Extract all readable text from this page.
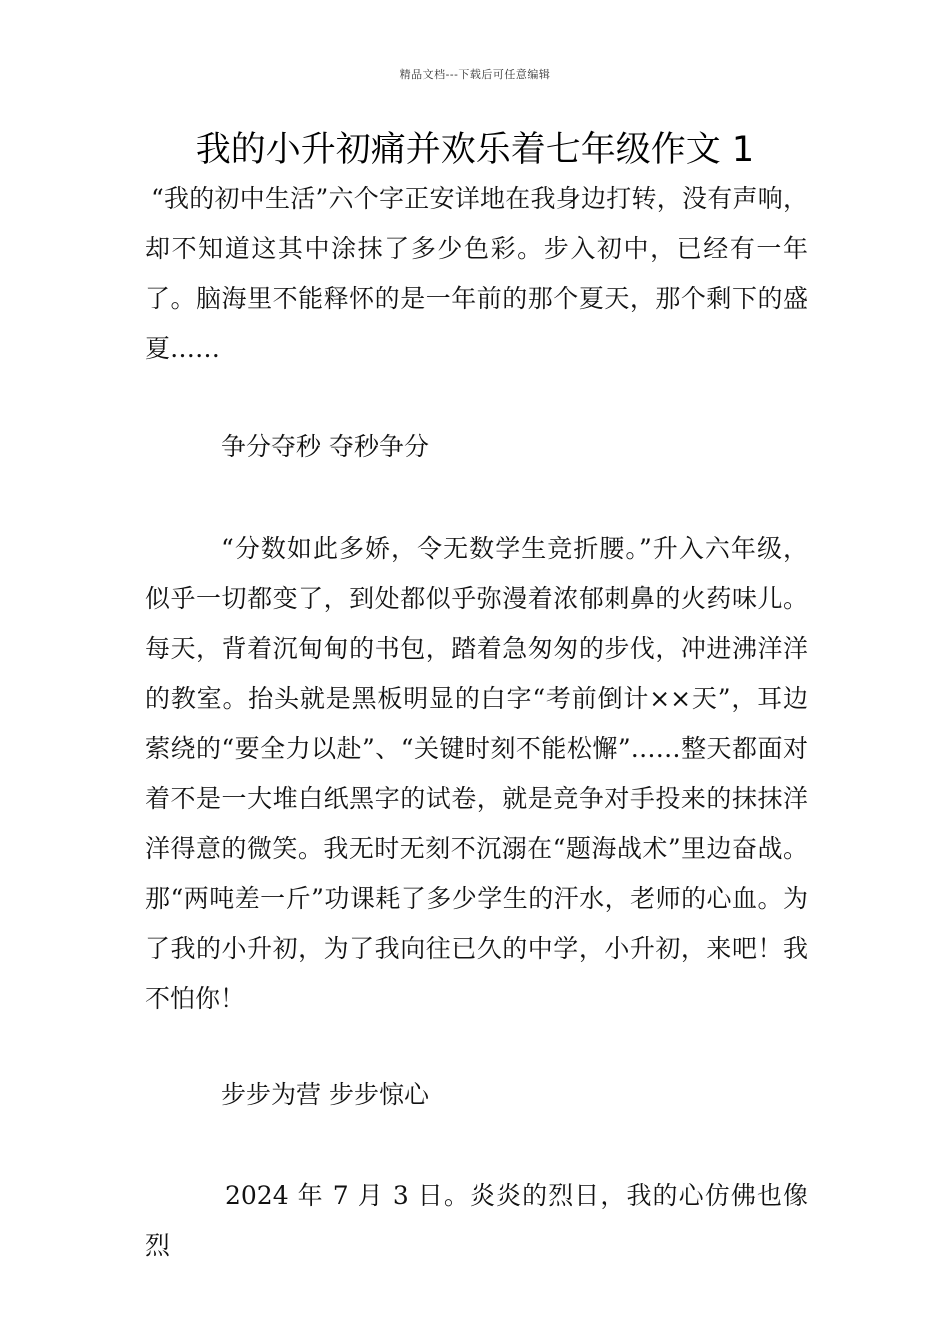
精品文档---下载后可任意编辑
我的小升初痛并欢乐着七年级作文 1

“我的初中生活”六个字正安详地在我身边打转，没有声响，却不知道这其中涂抹了多少色彩。步入初中，已经有一年了。脑海里不能释怀的是一年前的那个夏天，那个剩下的盛夏……

争分夺秒 夺秒争分

“分数如此多娇，令无数学生竞折腰。”升入六年级，似乎一切都变了，到处都似乎弥漫着浓郁刺鼻的火药味儿。每天，背着沉甸甸的书包，踏着急匆匆的步伐，冲进沸洋洋的教室。抬头就是黑板明显的白字“考前倒计××天”，耳边萦绕的“要全力以赴”、“关键时刻不能松懈”……整天都面对着不是一大堆白纸黑字的试卷，就是竞争对手投来的抹抹洋洋得意的微笑。我无时无刻不沉溺在“题海战术”里边奋战。那“两吨差一斤”功课耗了多少学生的汗水，老师的心血。为了我的小升初，为了我向往已久的中学，小升初，来吧！我不怕你！

步步为营 步步惊心

2024 年 7 月 3 日。炎炎的烈日，我的心仿佛也像烈
